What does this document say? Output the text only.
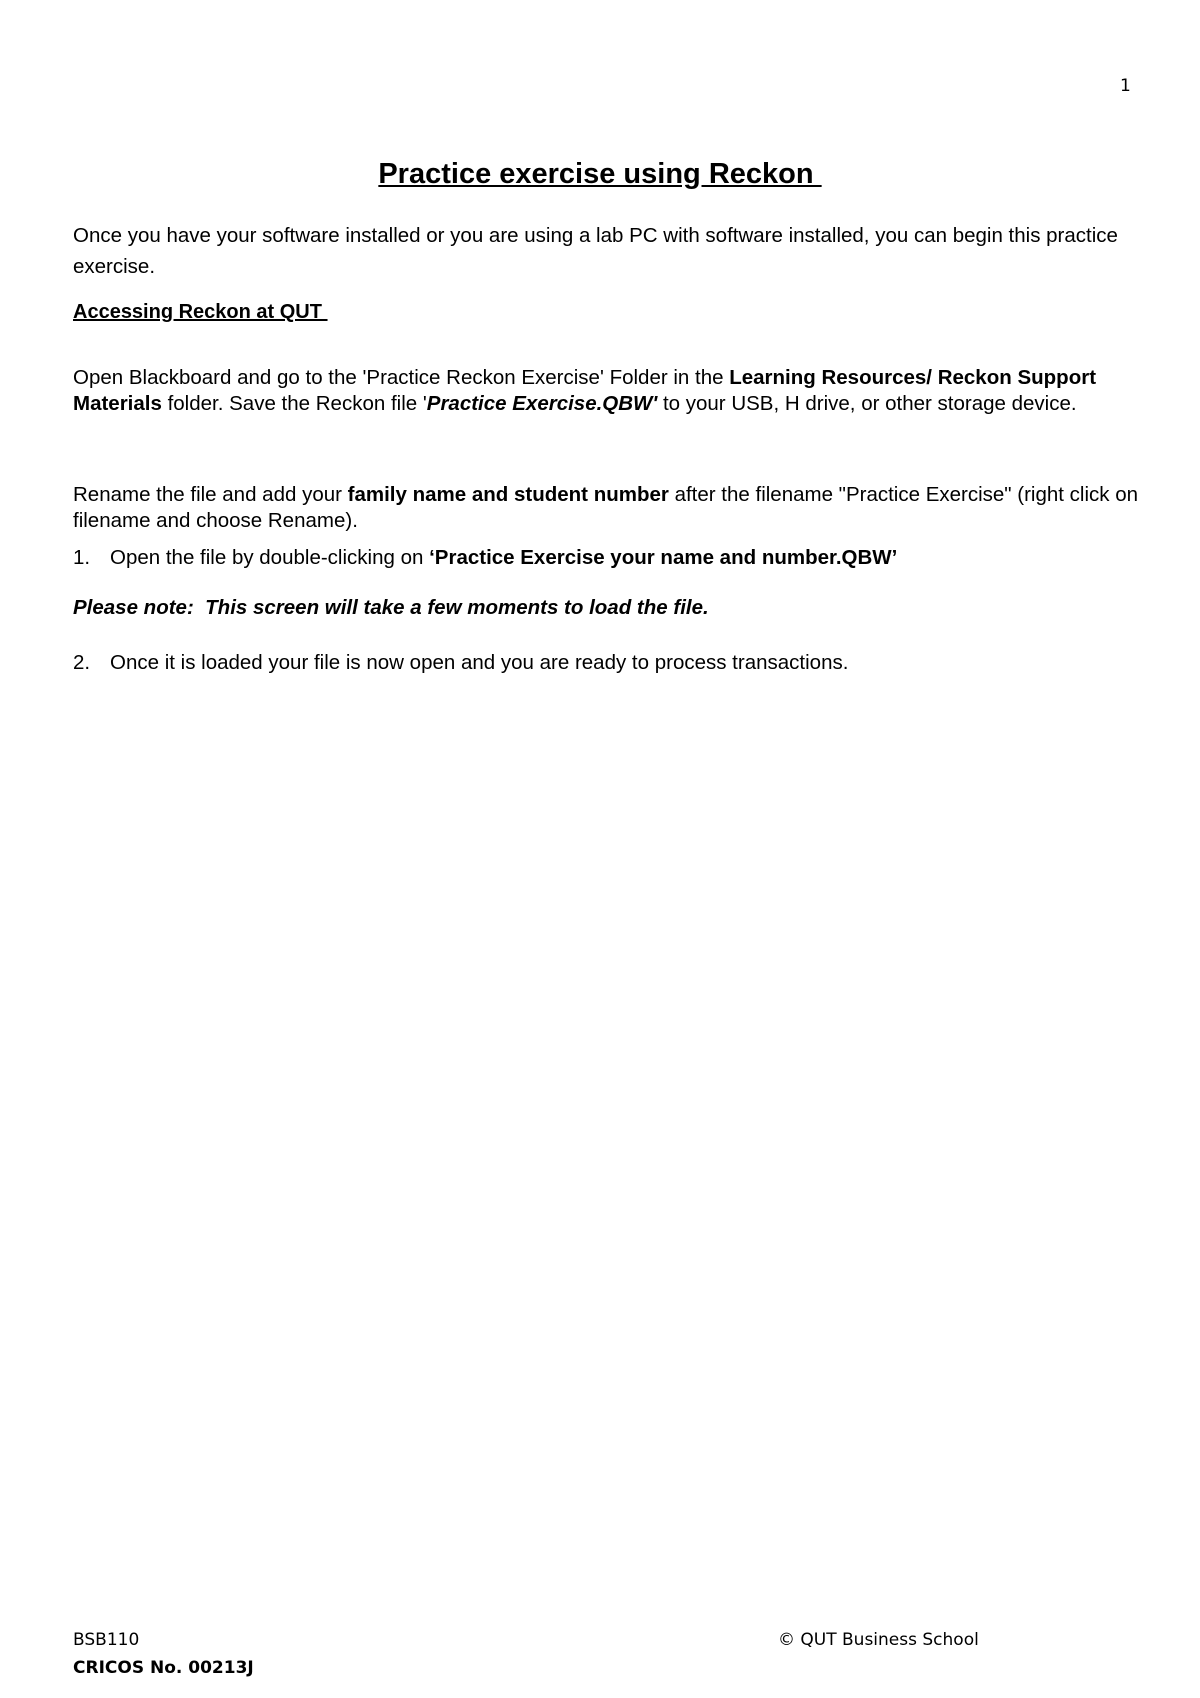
1
Practice exercise using Reckon
Once you have your software installed or you are using a lab PC with software installed, you can begin this practice exercise.
Accessing Reckon at QUT
Open Blackboard and go to the 'Practice Reckon Exercise' Folder in the Learning Resources/ Reckon Support Materials folder. Save the Reckon file 'Practice Exercise.QBW' to your USB, H drive, or other storage device.
Rename the file and add your family name and student number after the filename "Practice Exercise" (right click on filename and choose Rename).
1. Open the file by double-clicking on ‘Practice Exercise your name and number.QBW’
Please note:  This screen will take a few moments to load the file.
2. Once it is loaded your file is now open and you are ready to process transactions.
BSB110
CRICOS No. 00213J
© QUT Business School
